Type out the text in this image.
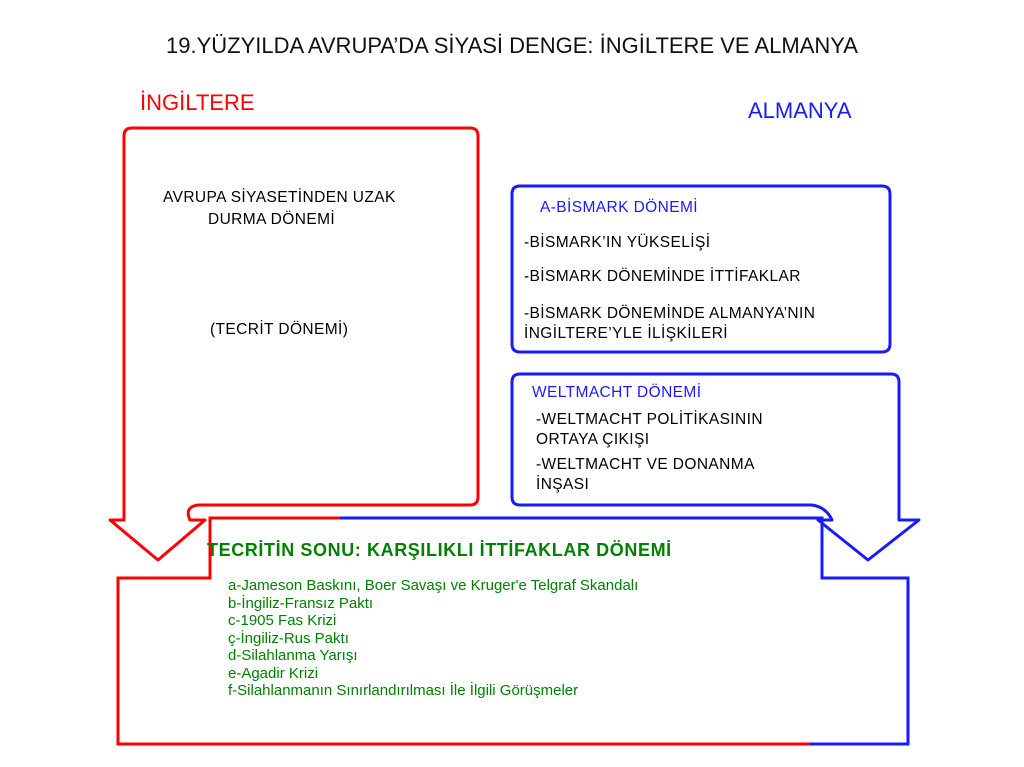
19.YÜZYILDA AVRUPA’DA SİYASİ DENGE: İNGİLTERE VE ALMANYA
İNGİLTERE	ALMANYA
AVRUPA SİYASETİNDEN UZAK
DURMA DÖNEMİ
(TECRİT DÖNEMİ)
A-BİSMARK DÖNEMİ
-BİSMARK’IN YÜKSELİŞİ
-BİSMARK DÖNEMİNDE İTTİFAKLAR
-BİSMARK DÖNEMİNDE ALMANYA’NIN
İNGİLTERE’YLE İLİŞKİLERİ
WELTMACHT DÖNEMİ
-WELTMACHT POLİTİKASININ
ORTAYA ÇIKIŞI
-WELTMACHT VE DONANMA
İNŞASI
TECRİTİN SONU: KARŞILIKLI İTTİFAKLAR DÖNEMİ
a-Jameson Baskını, Boer Savaşı ve Kruger'e Telgraf Skandalı
b-İngiliz-Fransız Paktı
c-1905 Fas Krizi
ç-İngiliz-Rus Paktı
d-Silahlanma Yarışı
e-Agadir Krizi
f-Silahlanmanın Sınırlandırılması İle İlgili Görüşmeler
